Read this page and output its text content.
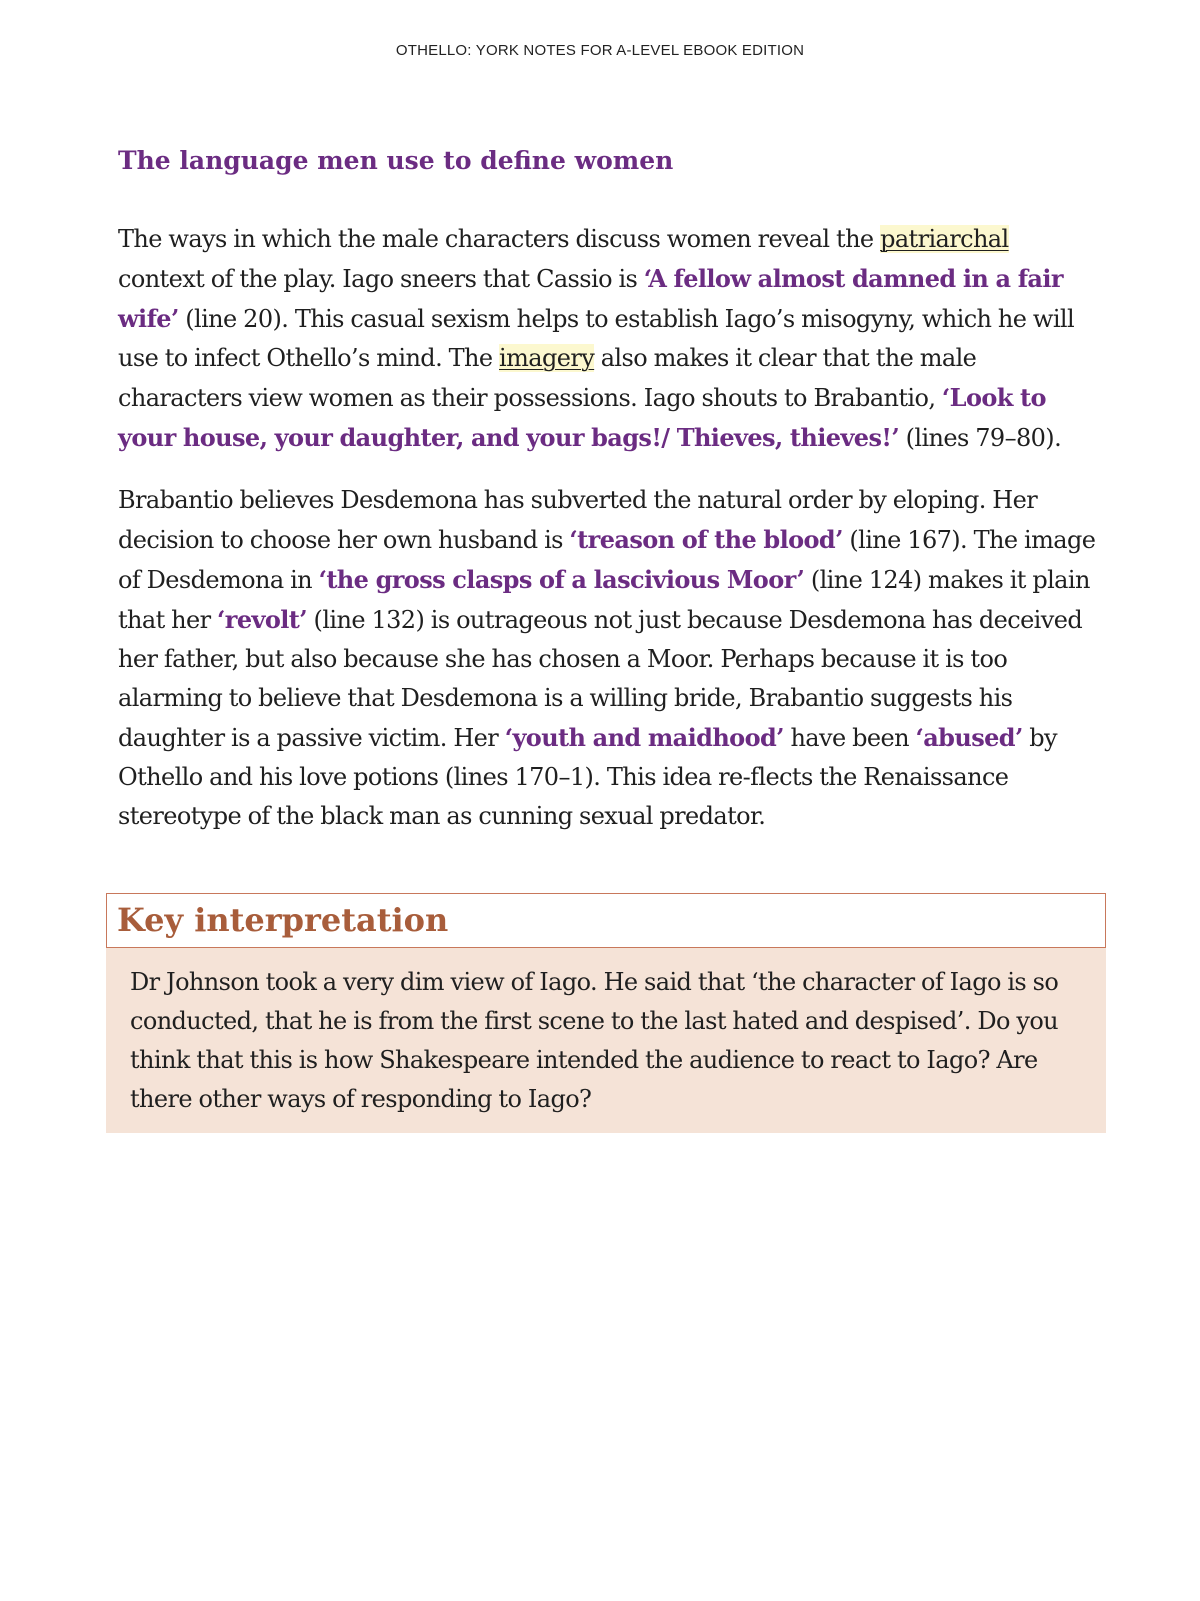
OTHELLO: YORK NOTES FOR A-LEVEL EBOOK EDITION
The language men use to define women

The ways in which the male characters discuss women reveal the patriarchal context of the play. Iago sneers that Cassio is ‘A fellow almost damned in a fair wife’ (line 20). This casual sexism helps to establish Iago’s misogyny, which he will use to infect Othello’s mind. The imagery also makes it clear that the male characters view women as their possessions. Iago shouts to Brabantio, ‘Look to your house, your daughter, and your bags!/ Thieves, thieves!’ (lines 79–80).

Brabantio believes Desdemona has subverted the natural order by eloping. Her decision to choose her own husband is ‘treason of the blood’ (line 167). The image of Desdemona in ‘the gross clasps of a lascivious Moor’ (line 124) makes it plain that her ‘revolt’ (line 132) is outrageous not just because Desdemona has deceived her father, but also because she has chosen a Moor. Perhaps because it is too alarming to believe that Desdemona is a willing bride, Brabantio suggests his daughter is a passive victim. Her ‘youth and maidhood’ have been ‘abused’ by Othello and his love potions (lines 170–1). This idea re-flects the Renaissance stereotype of the black man as cunning sexual predator.

Key interpretation
Dr Johnson took a very dim view of Iago. He said that ‘the character of Iago is so conducted, that he is from the first scene to the last hated and despised’. Do you think that this is how Shakespeare intended the audience to react to Iago? Are there other ways of responding to Iago?
